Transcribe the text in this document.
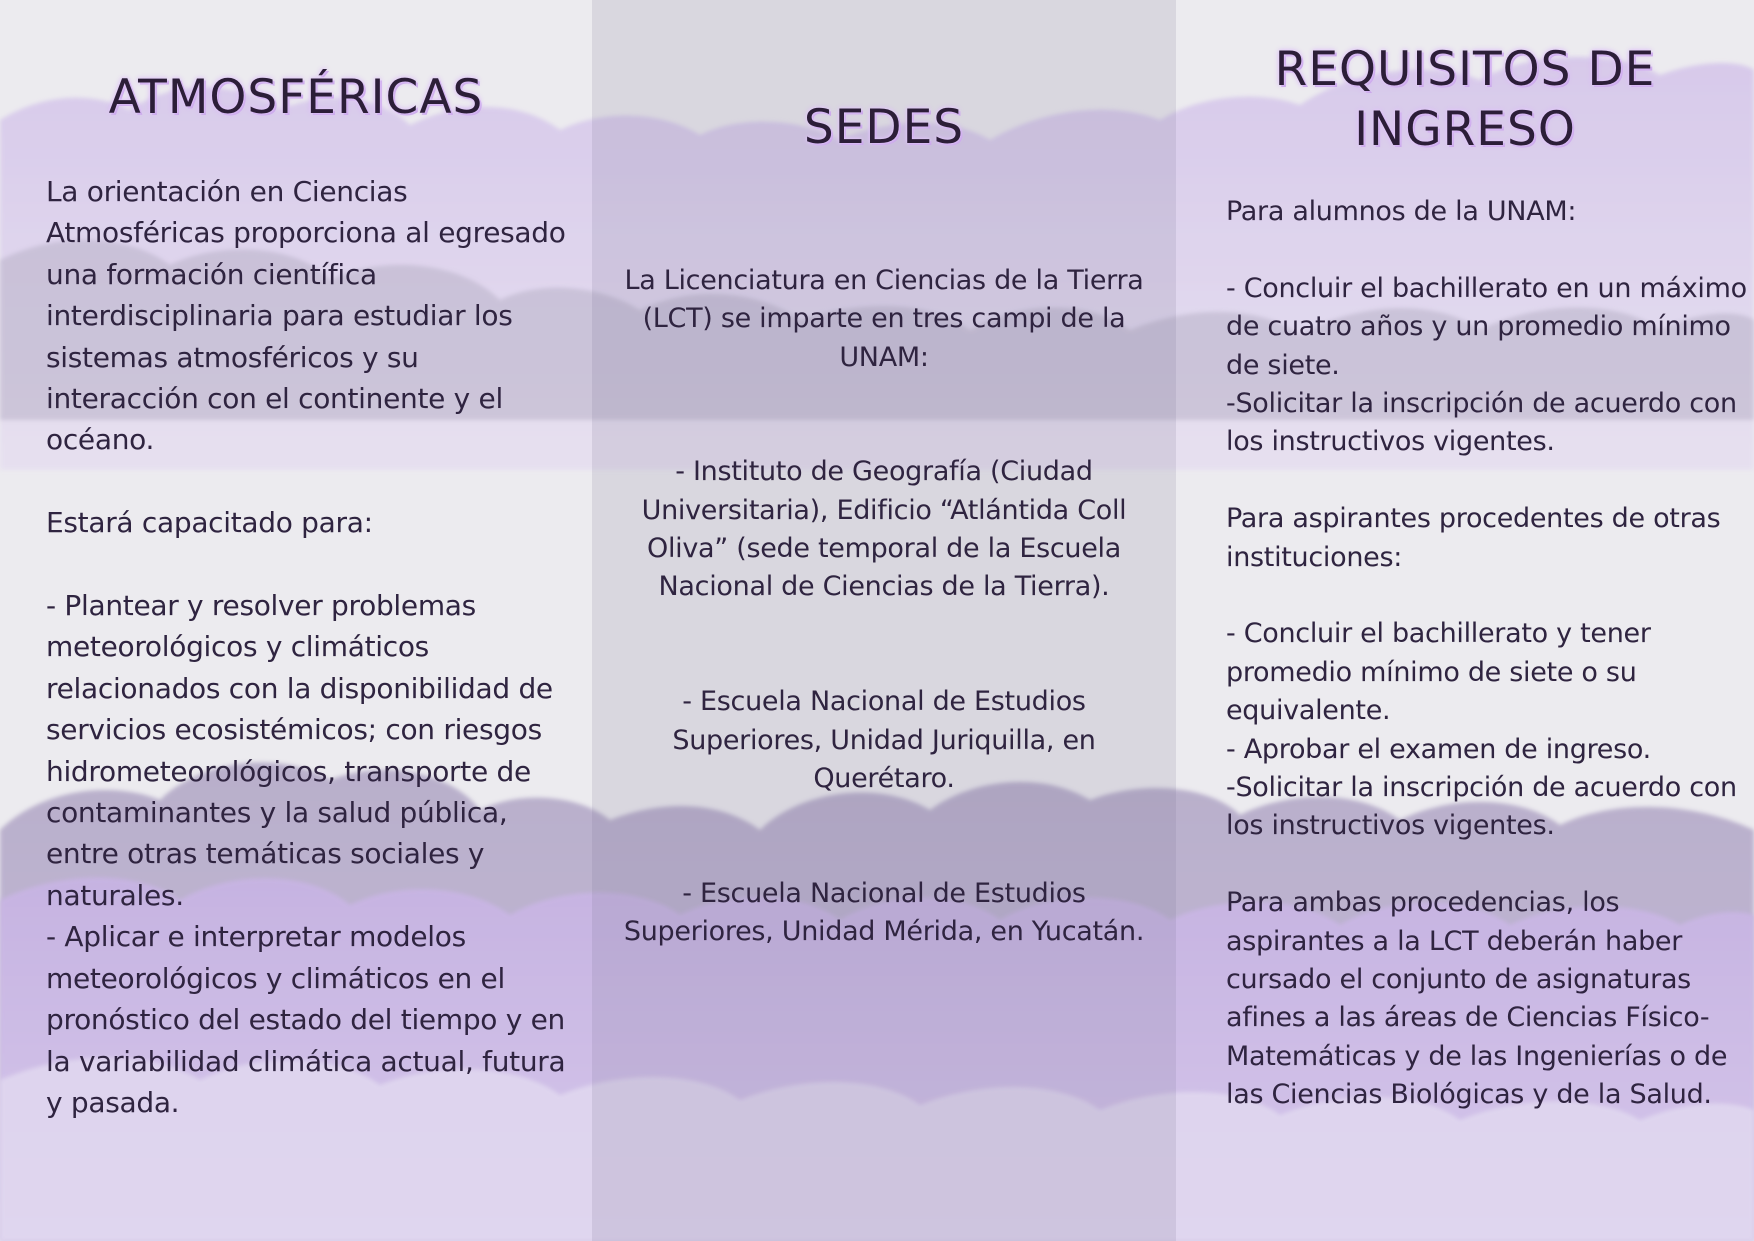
ATMOSFÉRICAS

La orientación en Ciencias Atmosféricas proporciona al egresado una formación científica interdisciplinaria para estudiar los sistemas atmosféricos y su interacción con el continente y el océano.

Estará capacitado para:

- Plantear y resolver problemas meteorológicos y climáticos relacionados con la disponibilidad de servicios ecosistémicos; con riesgos hidrometeorológicos, transporte de contaminantes y la salud pública, entre otras temáticas sociales y naturales.

- Aplicar e interpretar modelos meteorológicos y climáticos en el pronóstico del estado del tiempo y en la variabilidad climática actual, futura y pasada.

SEDES

La Licenciatura en Ciencias de la Tierra (LCT) se imparte en tres campi de la UNAM:

- Instituto de Geografía (Ciudad Universitaria), Edificio “Atlántida Coll Oliva” (sede temporal de la Escuela Nacional de Ciencias de la Tierra).

- Escuela Nacional de Estudios Superiores, Unidad Juriquilla, en Querétaro.

- Escuela Nacional de Estudios Superiores, Unidad Mérida, en Yucatán.

REQUISITOS DE
INGRESO

Para alumnos de la UNAM:

- Concluir el bachillerato en un máximo de cuatro años y un promedio mínimo de siete.

-Solicitar la inscripción de acuerdo con los instructivos vigentes.

Para aspirantes procedentes de otras instituciones:

- Concluir el bachillerato y tener promedio mínimo de siete o su equivalente.

- Aprobar el examen de ingreso.

-Solicitar la inscripción de acuerdo con los instructivos vigentes.

Para ambas procedencias, los aspirantes a la LCT deberán haber cursado el conjunto de asignaturas afines a las áreas de Ciencias Físico-Matemáticas y de las Ingenierías o de las Ciencias Biológicas y de la Salud.
